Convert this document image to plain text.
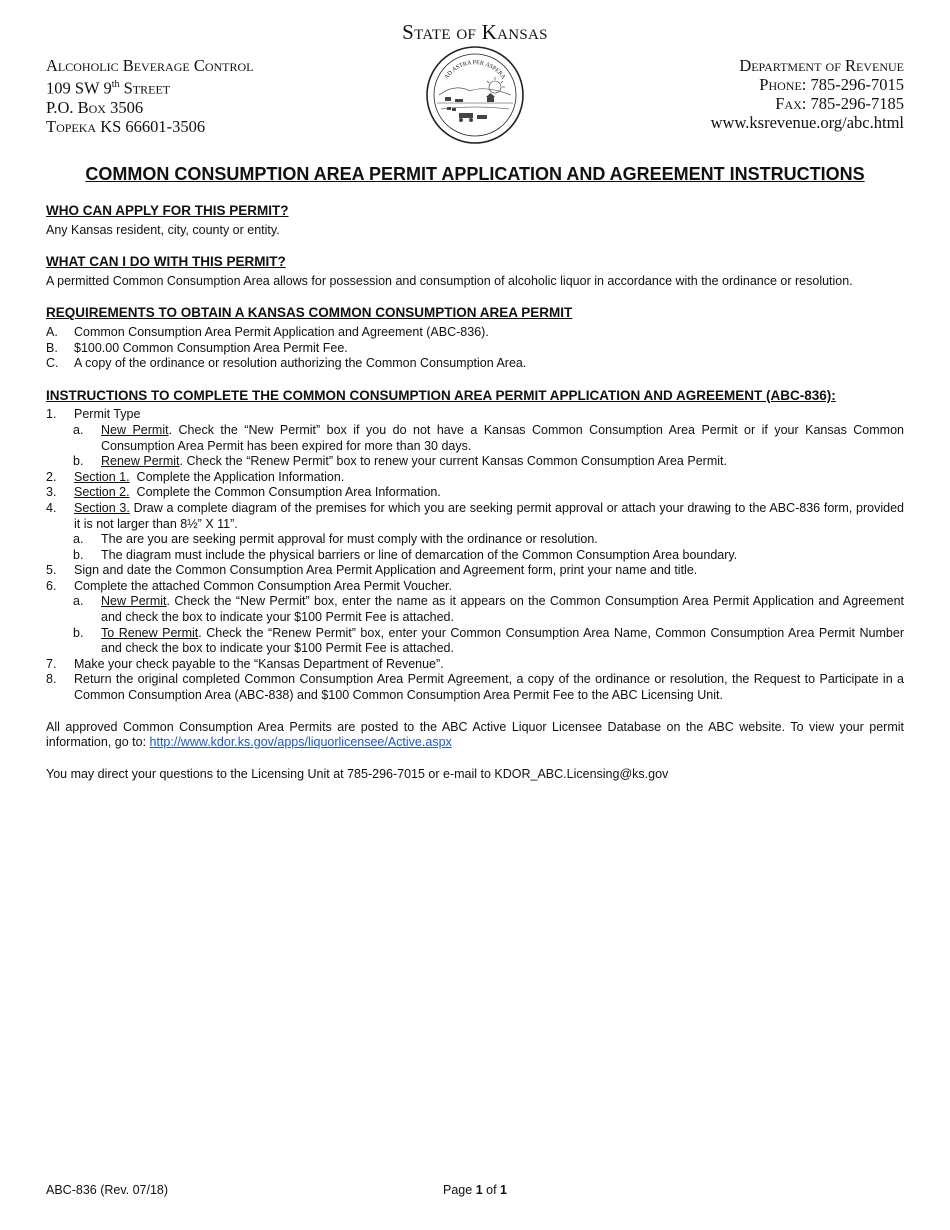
State of Kansas
Alcoholic Beverage Control
109 SW 9th Street
P.O. Box 3506
Topeka KS 66601-3506
Department of Revenue
Phone: 785-296-7015
Fax: 785-296-7185
www.ksrevenue.org/abc.html
AD ASTRA PER ASPERA
COMMON CONSUMPTION AREA PERMIT APPLICATION AND AGREEMENT INSTRUCTIONS

WHO CAN APPLY FOR THIS PERMIT?

Any Kansas resident, city, county or entity.

WHAT CAN I DO WITH THIS PERMIT?

A permitted Common Consumption Area allows for possession and consumption of alcoholic liquor in accordance with the ordinance or resolution.

REQUIREMENTS TO OBTAIN A KANSAS COMMON CONSUMPTION AREA PERMIT

A.	Common Consumption Area Permit Application and Agreement (ABC-836).
B.	$100.00 Common Consumption Area Permit Fee.
C.	A copy of the ordinance or resolution authorizing the Common Consumption Area.

INSTRUCTIONS TO COMPLETE THE COMMON CONSUMPTION AREA PERMIT APPLICATION AND AGREEMENT (ABC-836):

1.	Permit Type
a.	New Permit. Check the “New Permit” box if you do not have a Kansas Common Consumption Area Permit or if your Kansas Common Consumption Area Permit has been expired for more than 30 days.
b.	Renew Permit. Check the “Renew Permit” box to renew your current Kansas Common Consumption Area Permit.
2.	Section 1.  Complete the Application Information.
3.	Section 2.  Complete the Common Consumption Area Information.
4.	Section 3. Draw a complete diagram of the premises for which you are seeking permit approval or attach your drawing to the ABC-836 form, provided it is not larger than 8½” X 11”.
a.	The are you are seeking permit approval for must comply with the ordinance or resolution.
b.	The diagram must include the physical barriers or line of demarcation of the Common Consumption Area boundary.
5.	Sign and date the Common Consumption Area Permit Application and Agreement form, print your name and title.
6.	Complete the attached Common Consumption Area Permit Voucher.
a.	New Permit. Check the “New Permit” box, enter the name as it appears on the Common Consumption Area Permit Application and Agreement and check the box to indicate your $100 Permit Fee is attached.
b.	To Renew Permit. Check the “Renew Permit” box, enter your Common Consumption Area Name, Common Consumption Area Permit Number and check the box to indicate your $100 Permit Fee is attached.
7.	Make your check payable to the “Kansas Department of Revenue”.
8.	Return the original completed Common Consumption Area Permit Agreement, a copy of the ordinance or resolution, the Request to Participate in a Common Consumption Area (ABC-838) and $100 Common Consumption Area Permit Fee to the ABC Licensing Unit.

All approved Common Consumption Area Permits are posted to the ABC Active Liquor Licensee Database on the ABC website. To view your permit information, go to: http://www.kdor.ks.gov/apps/liquorlicensee/Active.aspx

You may direct your questions to the Licensing Unit at 785-296-7015 or e-mail to KDOR_ABC.Licensing@ks.gov

ABC-836 (Rev. 07/18)	Page 1 of 1
